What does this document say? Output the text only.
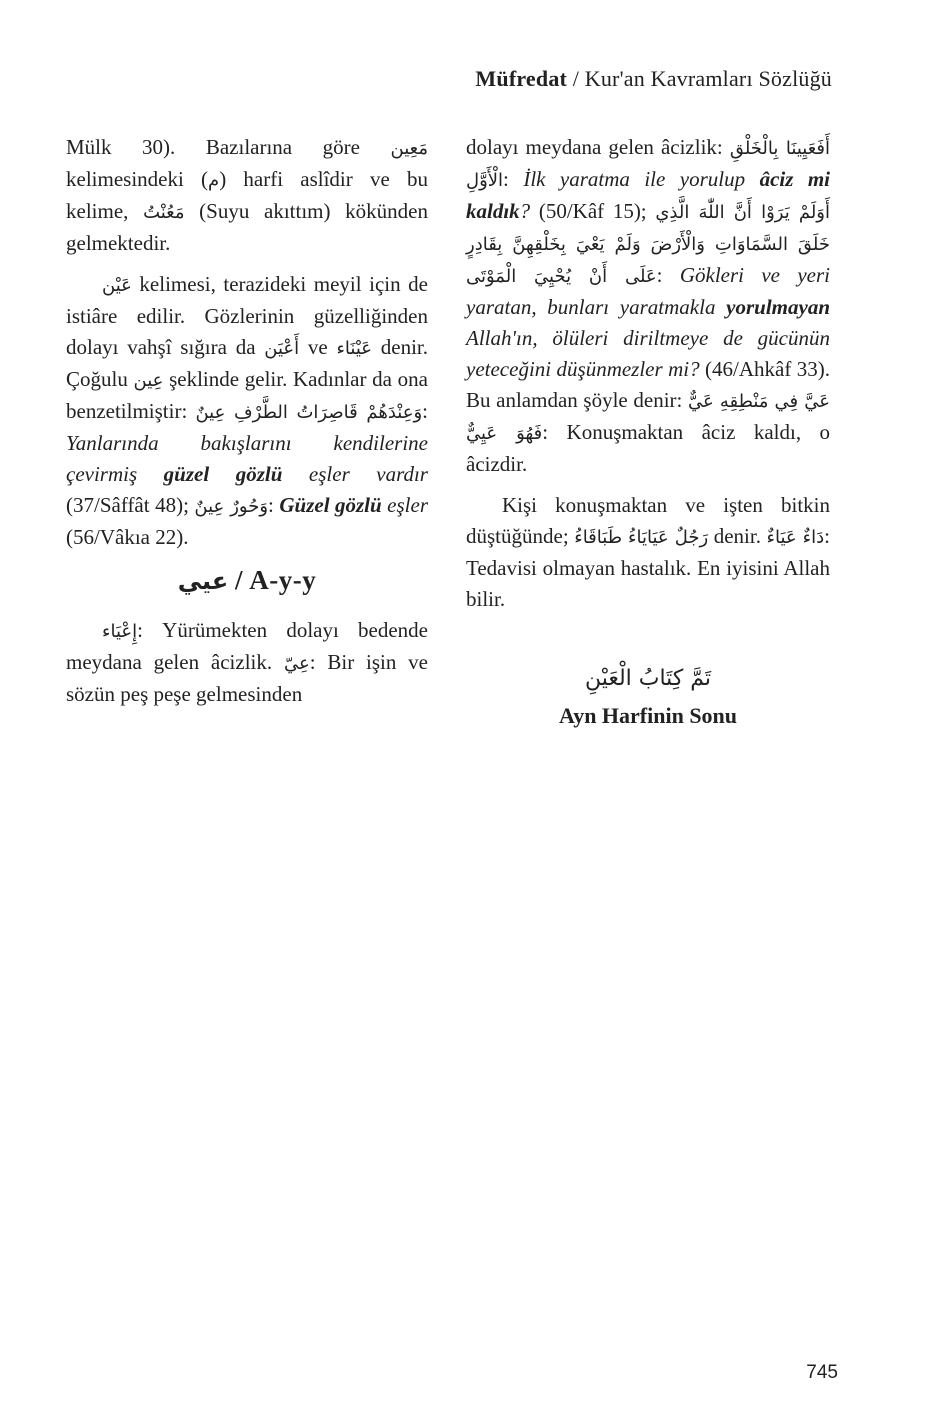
Müfredat / Kur'an Kavramları Sözlüğü

Mülk 30). Bazılarına göre مَعِين kelimesindeki (م) harfi aslîdir ve bu kelime, مَعُنْتُ (Suyu akıttım) kökünden gelmektedir.

عَيْن kelimesi, terazideki meyil için de istiâre edilir. Gözlerinin güzelliğinden dolayı vahşî sığıra da أَعْيَن ve عَيْنَاء denir. Çoğulu عِين şeklinde gelir. Kadınlar da ona benzetilmiştir: وَعِنْدَهُمْ قَاصِرَاتُ الطَّرْفِ عِينٌ: Yanlarında bakışlarını kendilerine çevirmiş güzel gözlü eşler vardır (37/Sâffât 48); وَحُورٌ عِينٌ: Güzel gözlü eşler (56/Vâkıa 22).

عيي / A-y-y

إِعْيَاء: Yürümekten dolayı bedende meydana gelen âcizlik. عِيّ: Bir işin ve sözün peş peşe gelmesinden

dolayı meydana gelen âcizlik: أَفَعَيِينَا بِالْخَلْقِ الْأَوَّلِ: İlk yaratma ile yorulup âciz mi kaldık? (50/Kâf 15); أَوَلَمْ يَرَوْا أَنَّ اللّٰهَ الَّذِي خَلَقَ السَّمَاوَاتِ وَالْأَرْضَ وَلَمْ يَعْيَ بِخَلْقِهِنَّ بِقَادِرٍ عَلَى أَنْ يُحْيِيَ الْمَوْتَى: Gökleri ve yeri yaratan, bunları yaratmakla yorulmayan Allah'ın, ölüleri diriltmeye de gücünün yeteceğini düşünmezler mi? (46/Ahkâf 33). Bu anlamdan şöyle denir: عَيَّ فِي مَنْطِقِهِ عَيٌّ فَهُوَ عَيِيٌّ: Konuşmaktan âciz kaldı, o âcizdir.

Kişi konuşmaktan ve işten bitkin düştüğünde; رَجُلٌ عَيَايَاءُ طَبَاقَاءُ denir. دَاءٌ عَيَاءٌ: Tedavisi olmayan hastalık. En iyisini Allah bilir.

تَمَّ كِتَابُ الْعَيْنِ
Ayn Harfinin Sonu
745
